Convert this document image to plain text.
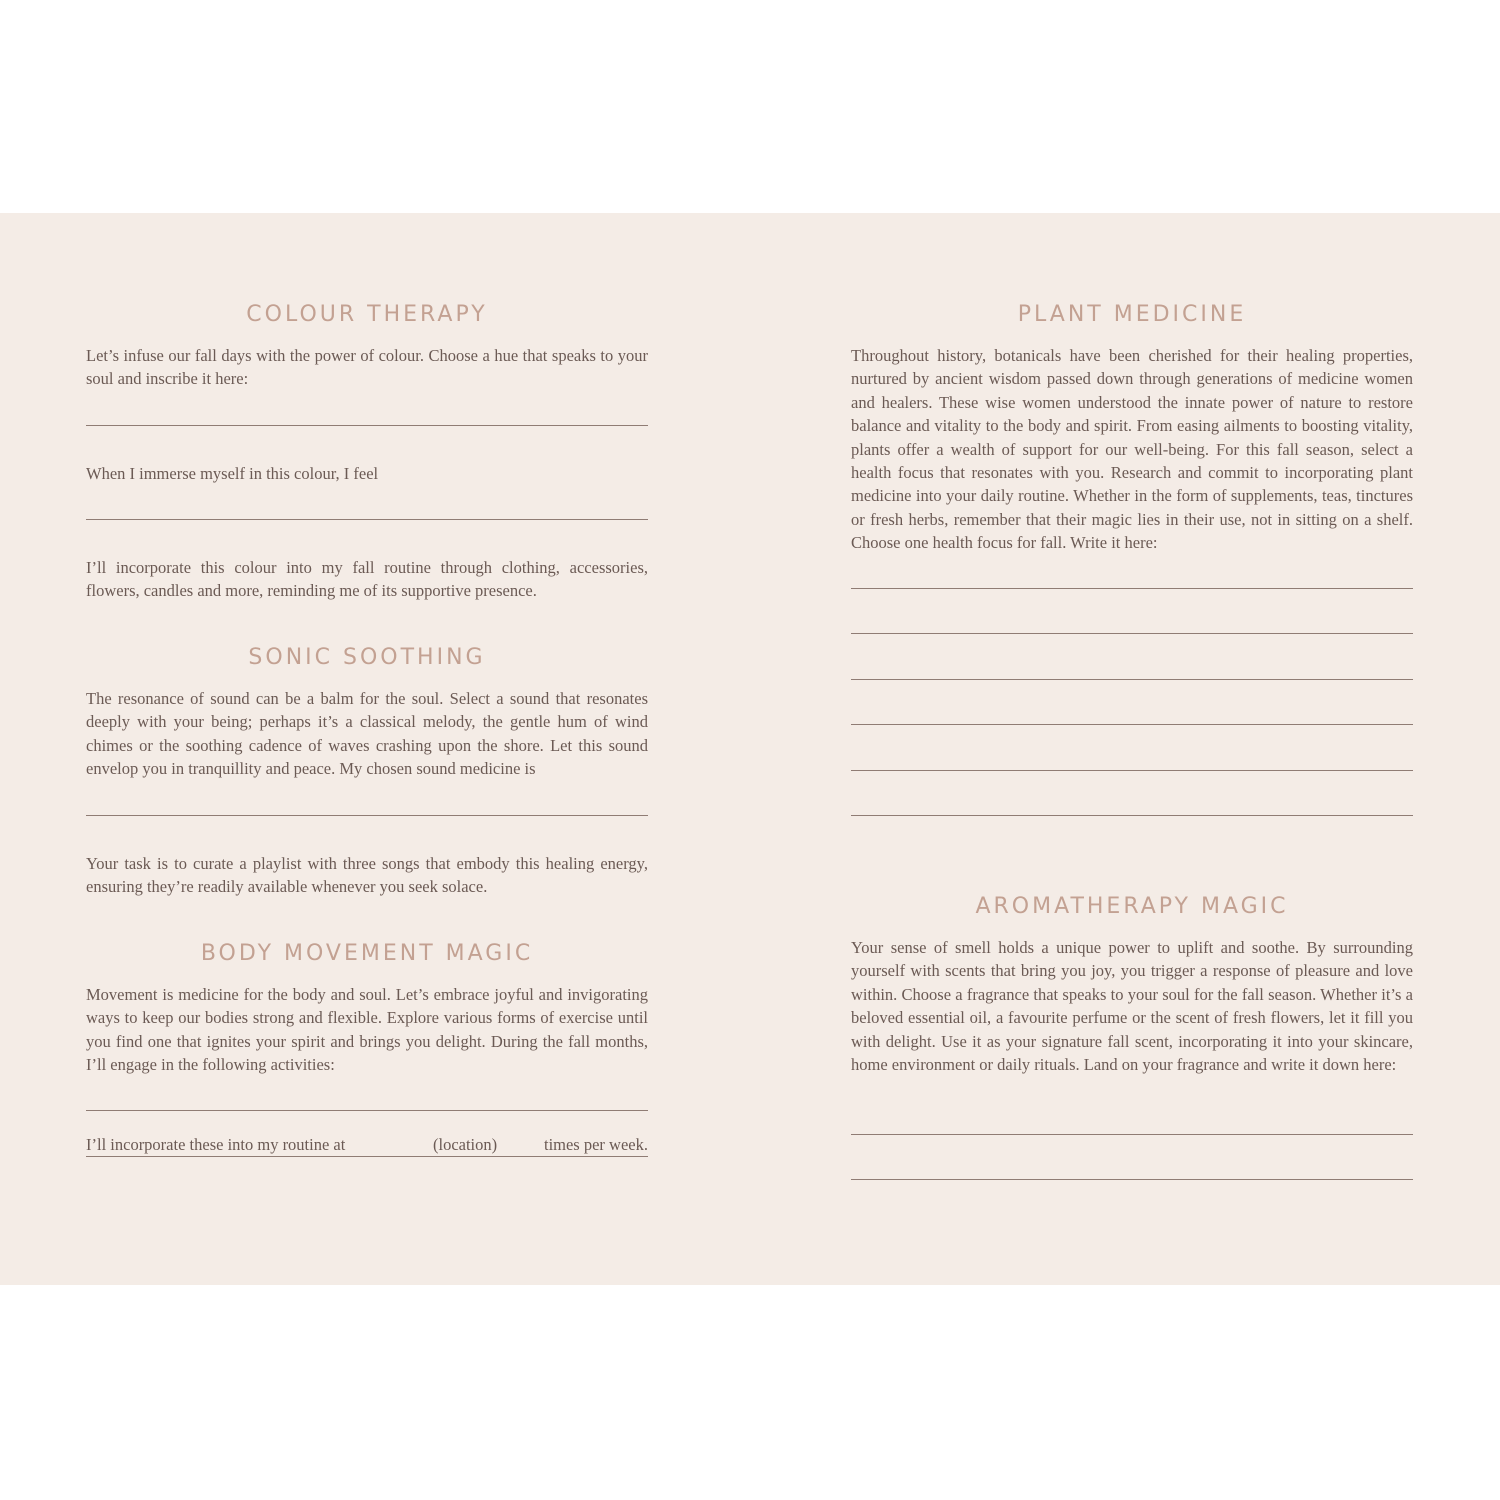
COLOUR THERAPY

Let’s infuse our fall days with the power of colour. Choose a hue that speaks to your soul and inscribe it here:

When I immerse myself in this colour, I feel

I’ll incorporate this colour into my fall routine through clothing, accessories, flowers, candles and more, reminding me of its supportive presence.

SONIC SOOTHING

The resonance of sound can be a balm for the soul. Select a sound that resonates deeply with your being; perhaps it’s a classical melody, the gentle hum of wind chimes or the soothing cadence of waves crashing upon the shore. Let this sound envelop you in tranquillity and peace. My chosen sound medicine is

Your task is to curate a playlist with three songs that embody this healing energy, ensuring they’re readily available whenever you seek solace.

BODY MOVEMENT MAGIC

Movement is medicine for the body and soul. Let’s embrace joyful and invigorating ways to keep our bodies strong and flexible. Explore various forms of exercise until you find one that ignites your spirit and brings you delight. During the fall months, I’ll engage in the following activities:

I’ll incorporate these into my routine at	(location)	times per week.
PLANT MEDICINE

Throughout history, botanicals have been cherished for their healing properties, nurtured by ancient wisdom passed down through generations of medicine women and healers. These wise women understood the innate power of nature to restore balance and vitality to the body and spirit. From easing ailments to boosting vitality, plants offer a wealth of support for our well-being. For this fall season, select a health focus that resonates with you. Research and commit to incorporating plant medicine into your daily routine. Whether in the form of supplements, teas, tinctures or fresh herbs, remember that their magic lies in their use, not in sitting on a shelf. Choose one health focus for fall. Write it here:

AROMATHERAPY MAGIC

Your sense of smell holds a unique power to uplift and soothe. By surrounding yourself with scents that bring you joy, you trigger a response of pleasure and love within. Choose a fragrance that speaks to your soul for the fall season. Whether it’s a beloved essential oil, a favourite perfume or the scent of fresh flowers, let it fill you with delight. Use it as your signature fall scent, incorporating it into your skincare, home environment or daily rituals. Land on your fragrance and write it down here:
